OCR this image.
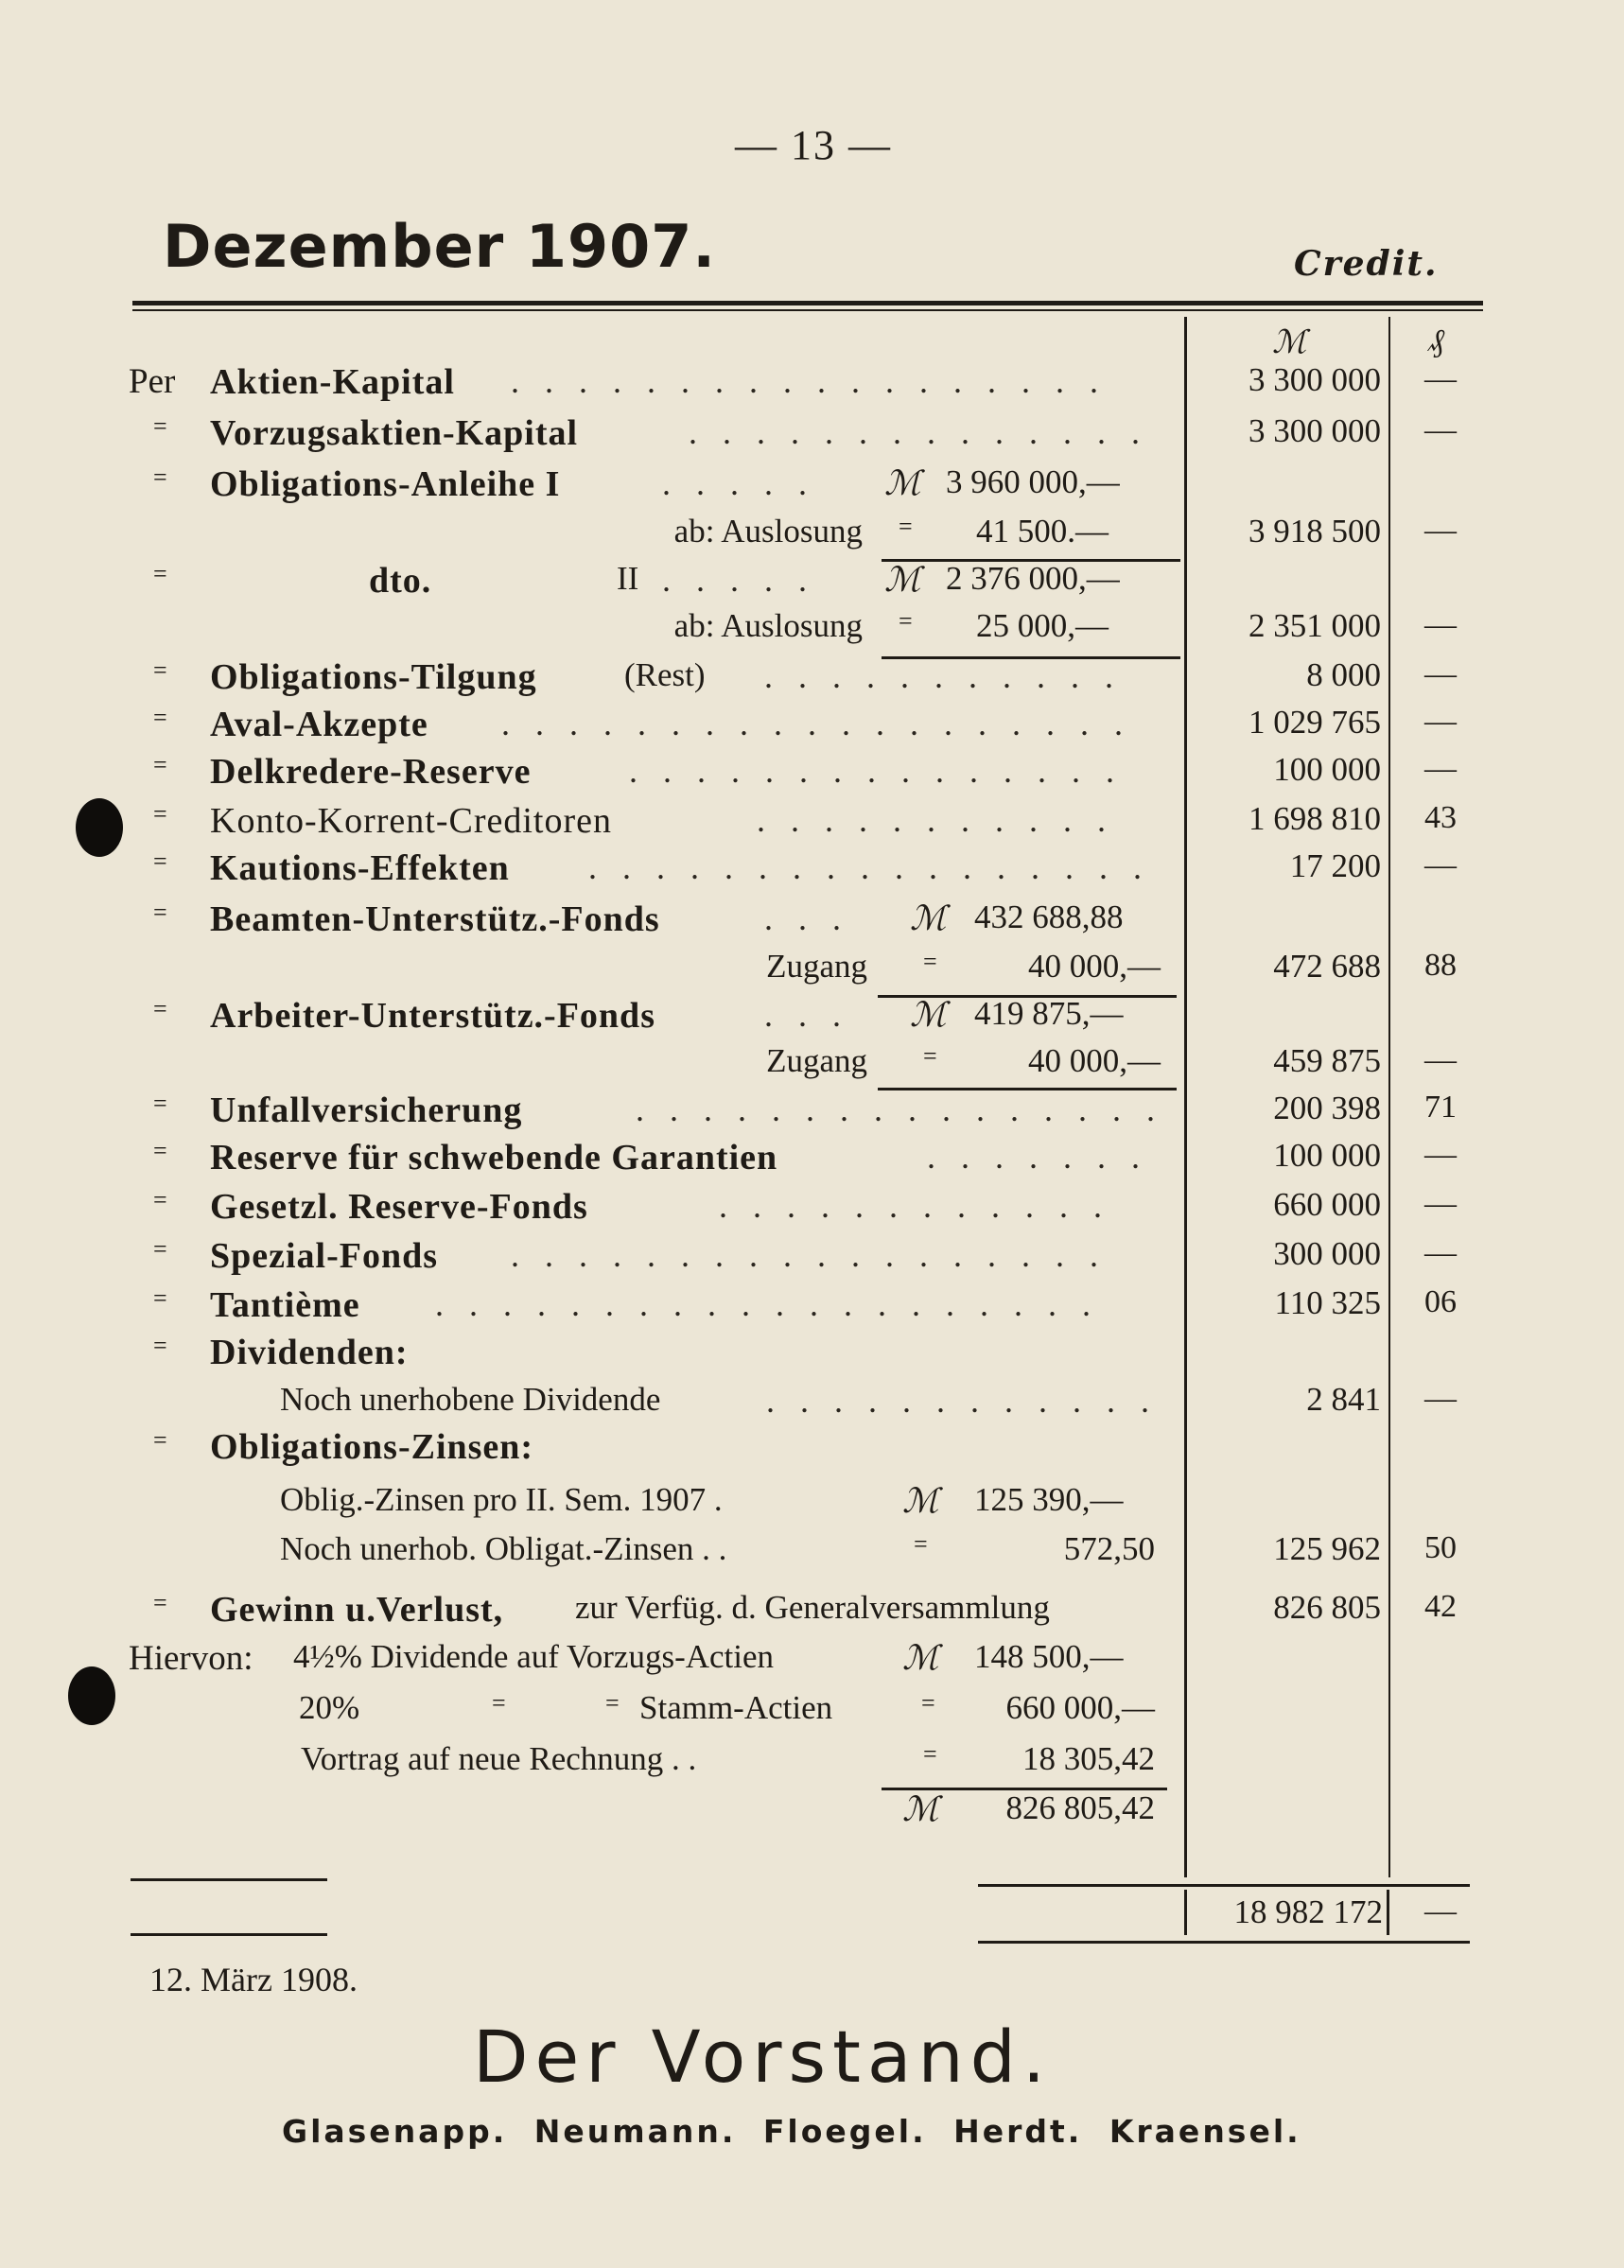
— 13 —
Dezember 1907.	Credit.
ℳ	₰
Per Aktien-Kapital . . . . . . . . . . . . . . . . . .	3 300 000	—
= Vorzugsaktien-Kapital	. . . . . . . . . . . . . .	3 300 000	—
= Obligations-Anleihe I	. . . . . ℳ 3 960 000,—
ab: Auslosung = 41 500.—	3 918 500	—
=	dto.	II . . . . . ℳ 2 376 000,—
ab: Auslosung = 25 000,—	2 351 000	—
= Obligations-Tilgung	(Rest) . . . . . . . . . . .	8 000	—
= Aval-Akzepte . . . . . . . . . . . . . . . . . . .	1 029 765	—
= Delkredere-Reserve	. . . . . . . . . . . . . . .	100 000	—
= Konto-Korrent-Creditoren	. . . . . . . . . . .	1 698 810	43
= Kautions-Effekten . . . . . . . . . . . . . . . . .	17 200	—
= Beamten-Unterstütz.-Fonds	. . . ℳ 432 688,88
Zugang =	40 000,—	472 688	88
= Arbeiter-Unterstütz.-Fonds	. . . ℳ 419 875,—
Zugang =	40 000,—	459 875	—
= Unfallversicherung	. . . . . . . . . . . . . . . .	200 398	71
= Reserve für schwebende Garantien	. . . . . . .	100 000	—
= Gesetzl. Reserve-Fonds	. . . . . . . . . . . .	660 000	—
= Spezial-Fonds . . . . . . . . . . . . . . . . . .	300 000	—
= Tantième . . . . . . . . . . . . . . . . . . . .	110 325	06
= Dividenden:
Noch unerhobene Dividende	. . . . . . . . . . . .	2 841	—
= Obligations-Zinsen:
Oblig.-Zinsen pro II. Sem. 1907 .	ℳ 125 390,—
Noch unerhob. Obligat.-Zinsen . .	=	572,50	125 962	50
= Gewinn u.Verlust, zur Verfüg. d. Generalversammlung	826 805	42
Hiervon: 4½% Dividende auf Vorzugs-Actien	ℳ 148 500,—
20%	=	= Stamm-Actien	= 660 000,—
Vortrag auf neue Rechnung . .	=	18 305,42
ℳ 826 805,42
18 982 172	—
12. März 1908.
Der Vorstand.
Glasenapp. Neumann. Floegel. Herdt. Kraensel.
